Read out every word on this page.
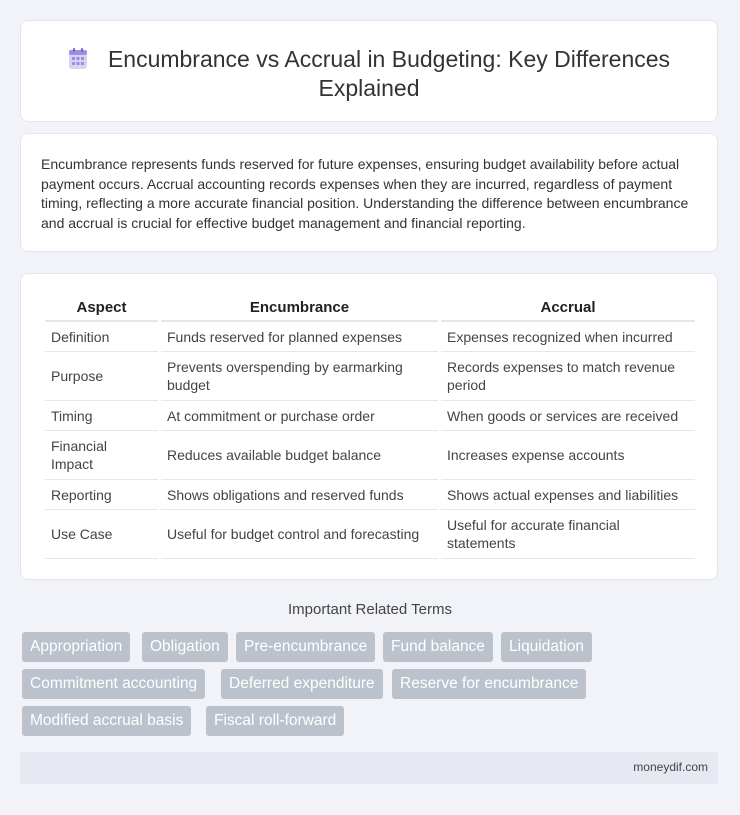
Encumbrance vs Accrual in Budgeting: Key Differences Explained
Encumbrance represents funds reserved for future expenses, ensuring budget availability before actual payment occurs. Accrual accounting records expenses when they are incurred, regardless of payment timing, reflecting a more accurate financial position. Understanding the difference between encumbrance and accrual is crucial for effective budget management and financial reporting.
Aspect	Encumbrance	Accrual
Definition	Funds reserved for planned expenses	Expenses recognized when incurred
Purpose	Prevents overspending by earmarking budget	Records expenses to match revenue period
Timing	At commitment or purchase order	When goods or services are received
Financial Impact	Reduces available budget balance	Increases expense accounts
Reporting	Shows obligations and reserved funds	Shows actual expenses and liabilities
Use Case	Useful for budget control and forecasting	Useful for accurate financial statements
Important Related Terms
Appropriation	Obligation	Pre-encumbrance	Fund balance	Liquidation
Commitment accounting	Deferred expenditure	Reserve for encumbrance
Modified accrual basis	Fiscal roll-forward
moneydif.com
